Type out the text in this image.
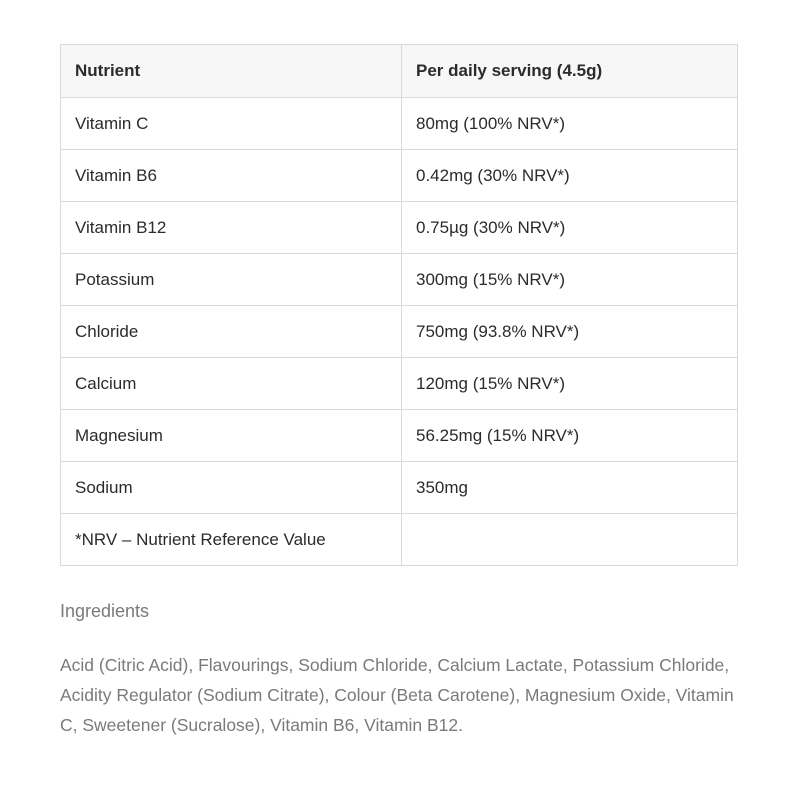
Nutrient	Per daily serving (4.5g)
Vitamin C	80mg (100% NRV*)
Vitamin B6	0.42mg (30% NRV*)
Vitamin B12	0.75µg (30% NRV*)
Potassium	300mg (15% NRV*)
Chloride	750mg (93.8% NRV*)
Calcium	120mg (15% NRV*)
Magnesium	56.25mg (15% NRV*)
Sodium	350mg
*NRV – Nutrient Reference Value	
Ingredients

Acid (Citric Acid), Flavourings, Sodium Chloride, Calcium Lactate, Potassium Chloride, Acidity Regulator (Sodium Citrate), Colour (Beta Carotene), Magnesium Oxide, Vitamin C, Sweetener (Sucralose), Vitamin B6, Vitamin B12.
